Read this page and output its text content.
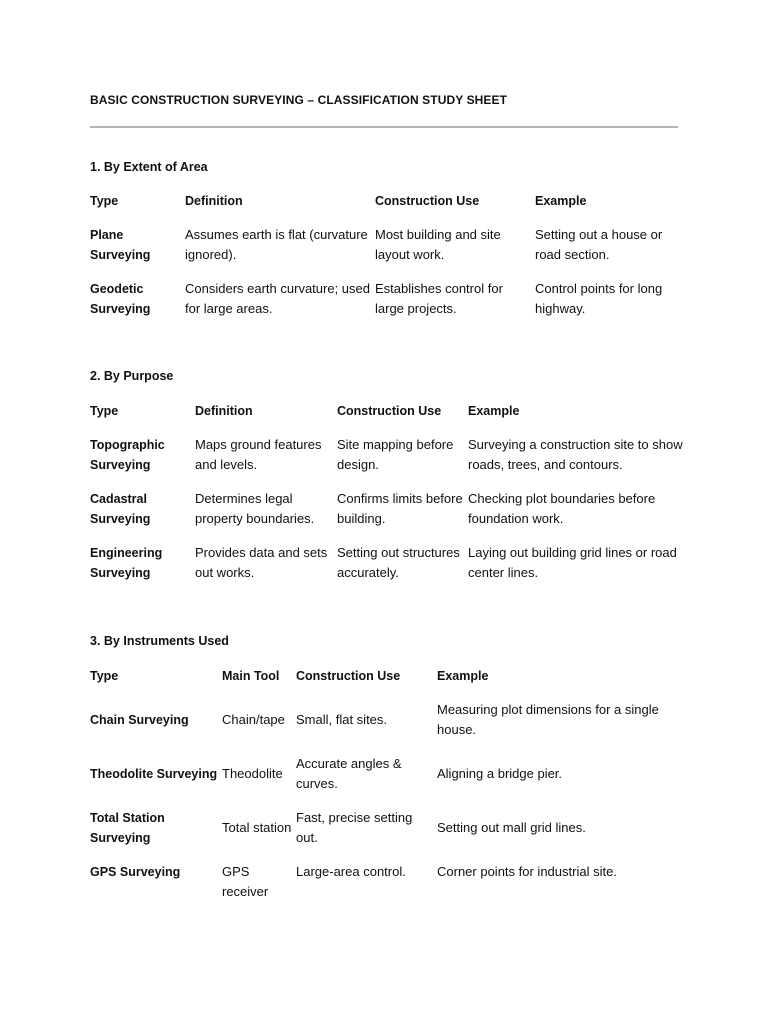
BASIC CONSTRUCTION SURVEYING – CLASSIFICATION STUDY SHEET
1. By Extent of Area
Type	Definition	Construction Use	Example
Plane Surveying	Assumes earth is flat (curvature ignored).	Most building and site layout work.	Setting out a house or road section.
Geodetic Surveying	Considers earth curvature; used for large areas.	Establishes control for large projects.	Control points for long highway.
2. By Purpose
Type	Definition	Construction Use	Example
Topographic Surveying	Maps ground features and levels.	Site mapping before design.	Surveying a construction site to show roads, trees, and contours.
Cadastral Surveying	Determines legal property boundaries.	Confirms limits before building.	Checking plot boundaries before foundation work.
Engineering Surveying	Provides data and sets out works.	Setting out structures accurately.	Laying out building grid lines or road center lines.
3. By Instruments Used
Type	Main Tool	Construction Use	Example
Chain Surveying	Chain/tape	Small, flat sites.	Measuring plot dimensions for a single house.
Theodolite Surveying	Theodolite	Accurate angles & curves.	Aligning a bridge pier.
Total Station Surveying	Total station	Fast, precise setting out.	Setting out mall grid lines.
GPS Surveying	GPS receiver	Large-area control.	Corner points for industrial site.
